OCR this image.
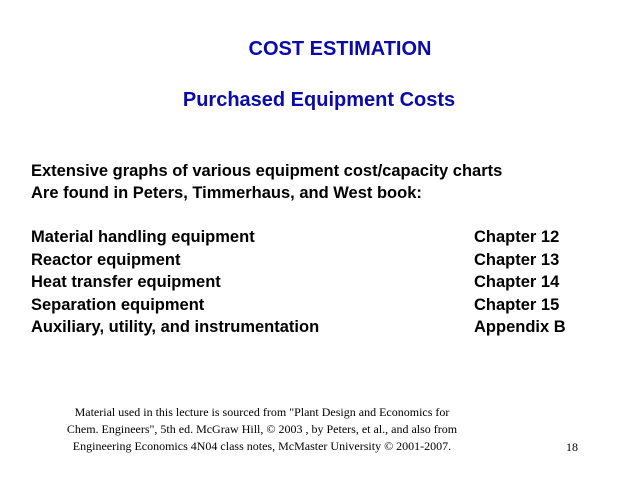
COST ESTIMATION
Purchased Equipment Costs
Extensive graphs of various equipment cost/capacity charts
Are found in Peters, Timmerhaus, and West book:
Material handling equipment	Chapter 12
Reactor equipment	Chapter 13
Heat transfer equipment	Chapter 14
Separation equipment	Chapter 15
Auxiliary, utility, and instrumentation	Appendix B
Material used in this lecture is sourced from "Plant Design and Economics for
Chem. Engineers", 5th ed. McGraw Hill, © 2003 , by Peters, et al., and also from
Engineering Economics 4N04 class notes, McMaster University © 2001-2007.	18
